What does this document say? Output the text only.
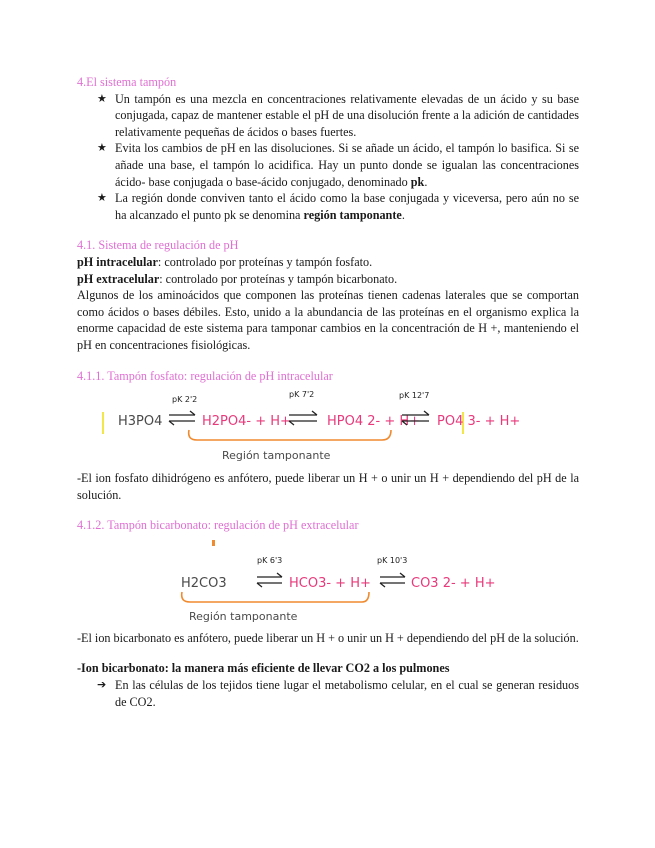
4.El sistema tampón
★ Un tampón es una mezcla en concentraciones relativamente elevadas de un ácido y su base conjugada, capaz de mantener estable el pH de una disolución frente a la adición de cantidades relativamente pequeñas de ácidos o bases fuertes.
★ Evita los cambios de pH en las disoluciones. Si se añade un ácido, el tampón lo basifica. Si se añade una base, el tampón lo acidifica. Hay un punto donde se igualan las concentraciones ácido- base conjugada o base-ácido conjugado, denominado pk.
★ La región donde conviven tanto el ácido como la base conjugada y viceversa, pero aún no se ha alcanzado el punto pk se denomina región tamponante.
4.1. Sistema de regulación de pH
pH intracelular: controlado por proteínas y tampón fosfato.
pH extracelular: controlado por proteínas y tampón bicarbonato.

Algunos de los aminoácidos que componen las proteínas tienen cadenas laterales que se comportan como ácidos o bases débiles. Esto, unido a la abundancia de las proteínas en el organismo explica la enorme capacidad de este sistema para tamponar cambios en la concentración de H +, manteniendo el pH en concentraciones fisiológicas.

4.1.1. Tampón fosfato: regulación de pH intracelular
pK 2'2
pK 7'2	pK 12'7
H3PO4	H2PO4- + H+	HPO4 2- + H+ PO4 3- + H+
Región tamponante

-El ion fosfato dihidrógeno es anfótero, puede liberar un H + o unir un H + dependiendo del pH de la solución.

4.1.2. Tampón bicarbonato: regulación de pH extracelular
pK 6'3	pK 10'3
H2CO3	HCO3- + H+	CO3 2- + H+
Región tamponante

-El ion bicarbonato es anfótero, puede liberar un H + o unir un H + dependiendo del pH de la solución.

-Ion bicarbonato: la manera más eficiente de llevar CO2 a los pulmones
➔ En las células de los tejidos tiene lugar el metabolismo celular, en el cual se generan residuos de CO2.
